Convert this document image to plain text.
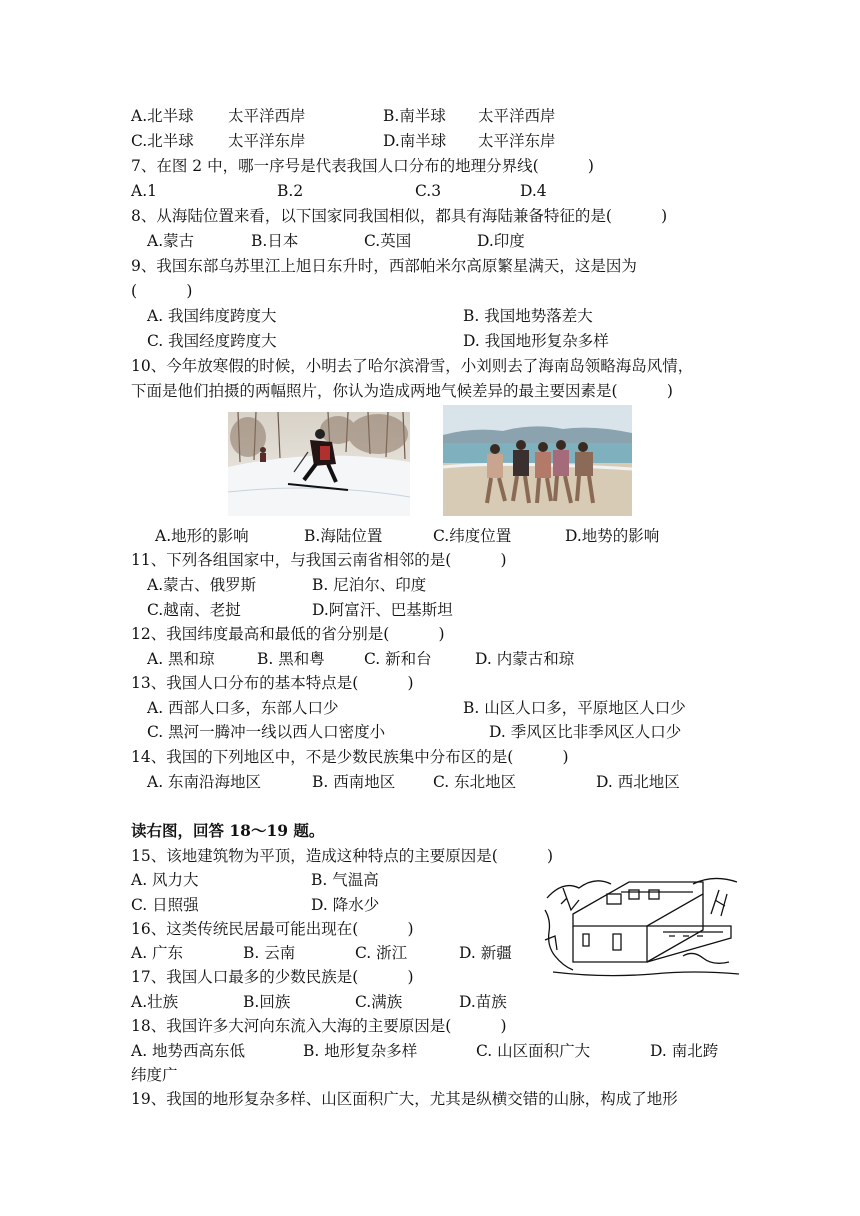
A.北半球 太平洋西岸	B.南半球 太平洋西岸
C.北半球 太平洋东岸	D.南半球 太平洋东岸
7、在图 2 中，哪一序号是代表我国人口分布的地理分界线(          )
A.1	B.2	C.3	D.4
8、从海陆位置来看，以下国家同我国相似，都具有海陆兼备特征的是(          )
A.蒙古	B.日本	C.英国	D.印度
9、我国东部乌苏里江上旭日东升时，西部帕米尔高原繁星满天，这是因为
(          )
A. 我国纬度跨度大	B. 我国地势落差大
C. 我国经度跨度大	D. 我国地形复杂多样
10、今年放寒假的时候，小明去了哈尔滨滑雪，小刘则去了海南岛领略海岛风情，
下面是他们拍摄的两幅照片，你认为造成两地气候差异的最主要因素是(          )
A.地形的影响	B.海陆位置	C.纬度位置	D.地势的影响
11、下列各组国家中，与我国云南省相邻的是(          )
A.蒙古、俄罗斯	B. 尼泊尔、印度
C.越南、老挝	D.阿富汗、巴基斯坦
12、我国纬度最高和最低的省分别是(          )
A. 黑和琼	B. 黑和粤	C. 新和台	D. 内蒙古和琼
13、我国人口分布的基本特点是(          )
A. 西部人口多，东部人口少	B. 山区人口多，平原地区人口少
C. 黑河一腾冲一线以西人口密度小	D. 季风区比非季风区人口少
14、我国的下列地区中，不是少数民族集中分布区的是(          )
A. 东南沿海地区	B. 西南地区 C. 东北地区	D. 西北地区
读右图，回答 18～19 题。
15、该地建筑物为平顶，造成这种特点的主要原因是(          )
A. 风力大	B. 气温高
C. 日照强	D. 降水少
16、这类传统民居最可能出现在(          )
A. 广东	B. 云南	C. 浙江	D. 新疆
17、我国人口最多的少数民族是(          )
A.壮族	B.回族	C.满族	D.苗族
18、我国许多大河向东流入大海的主要原因是(          )
A. 地势西高东低	B. 地形复杂多样	C. 山区面积广大	D. 南北跨
纬度广
19、我国的地形复杂多样、山区面积广大，尤其是纵横交错的山脉，构成了地形
